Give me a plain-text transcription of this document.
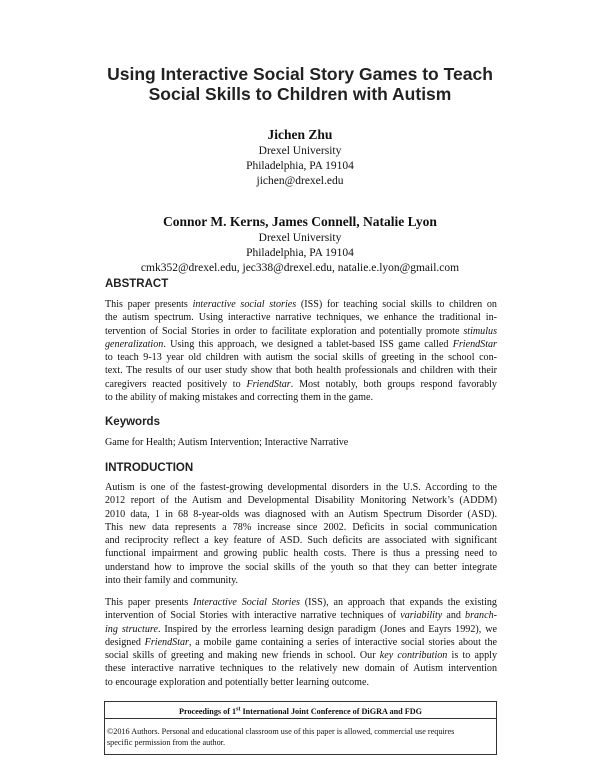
Using Interactive Social Story Games to Teach
Social Skills to Children with Autism
Jichen Zhu
Drexel University
Philadelphia, PA 19104
jichen@drexel.edu
Connor M. Kerns, James Connell, Natalie Lyon
Drexel University
Philadelphia, PA 19104
cmk352@drexel.edu, jec338@drexel.edu, natalie.e.lyon@gmail.com
ABSTRACT
This paper presents interactive social stories (ISS) for teaching social skills to children on
the autism spectrum. Using interactive narrative techniques, we enhance the traditional in-
tervention of Social Stories in order to facilitate exploration and potentially promote stimulus
generalization. Using this approach, we designed a tablet-based ISS game called FriendStar
to teach 9-13 year old children with autism the social skills of greeting in the school con-
text. The results of our user study show that both health professionals and children with their
caregivers reacted positively to FriendStar. Most notably, both groups respond favorably
to the ability of making mistakes and correcting them in the game.
Keywords
Game for Health; Autism Intervention; Interactive Narrative
INTRODUCTION
Autism is one of the fastest-growing developmental disorders in the U.S. According to the
2012 report of the Autism and Developmental Disability Monitoring Network’s (ADDM)
2010 data, 1 in 68 8-year-olds was diagnosed with an Autism Spectrum Disorder (ASD).
This new data represents a 78% increase since 2002. Deficits in social communication
and reciprocity reflect a key feature of ASD. Such deficits are associated with significant
functional impairment and growing public health costs. There is thus a pressing need to
understand how to improve the social skills of the youth so that they can better integrate
into their family and community.
This paper presents Interactive Social Stories (ISS), an approach that expands the existing
intervention of Social Stories with interactive narrative techniques of variability and branch-
ing structure. Inspired by the errorless learning design paradigm (Jones and Eayrs 1992), we
designed FriendStar, a mobile game containing a series of interactive social stories about the
social skills of greeting and making new friends in school. Our key contribution is to apply
these interactive narrative techniques to the relatively new domain of Autism intervention
to encourage exploration and potentially better learning outcome.
Proceedings of 1st International Joint Conference of DiGRA and FDG
©2016 Authors. Personal and educational classroom use of this paper is allowed, commercial use requires
specific permission from the author.
